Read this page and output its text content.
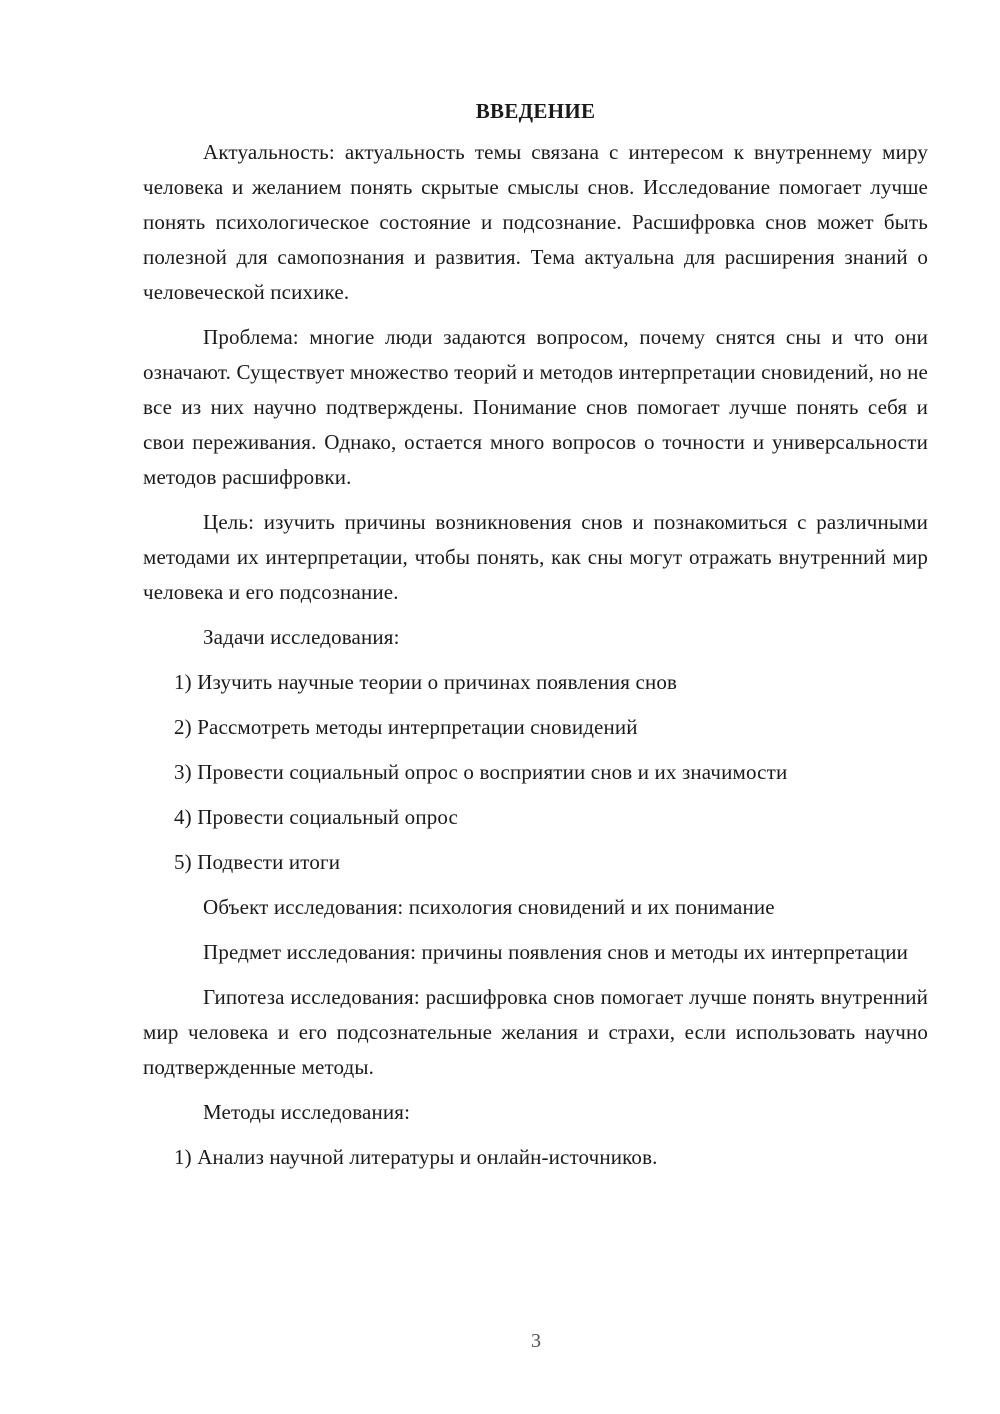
ВВЕДЕНИЕ

Актуальность: актуальность темы связана с интересом к внутреннему миру человека и желанием понять скрытые смыслы снов. Исследование помогает лучше понять психологическое состояние и подсознание. Расшифровка снов может быть полезной для самопознания и развития. Тема актуальна для расширения знаний о человеческой психике.

Проблема: многие люди задаются вопросом, почему снятся сны и что они означают. Существует множество теорий и методов интерпретации сновидений, но не все из них научно подтверждены. Понимание снов помогает лучше понять себя и свои переживания. Однако, остается много вопросов о точности и универсальности методов расшифровки.

Цель: изучить причины возникновения снов и познакомиться с различными методами их интерпретации, чтобы понять, как сны могут отражать внутренний мир человека и его подсознание.

Задачи исследования:
1) Изучить научные теории о причинах появления снов
2) Рассмотреть методы интерпретации сновидений
3) Провести социальный опрос о восприятии снов и их значимости
4) Провести социальный опрос
5) Подвести итоги
Объект исследования: психология сновидений и их понимание

Предмет исследования: причины появления снов и методы их интерпретации

Гипотеза исследования: расшифровка снов помогает лучше понять внутренний мир человека и его подсознательные желания и страхи, если использовать научно подтвержденные методы.

Методы исследования:
1) Анализ научной литературы и онлайн-источников.
3
